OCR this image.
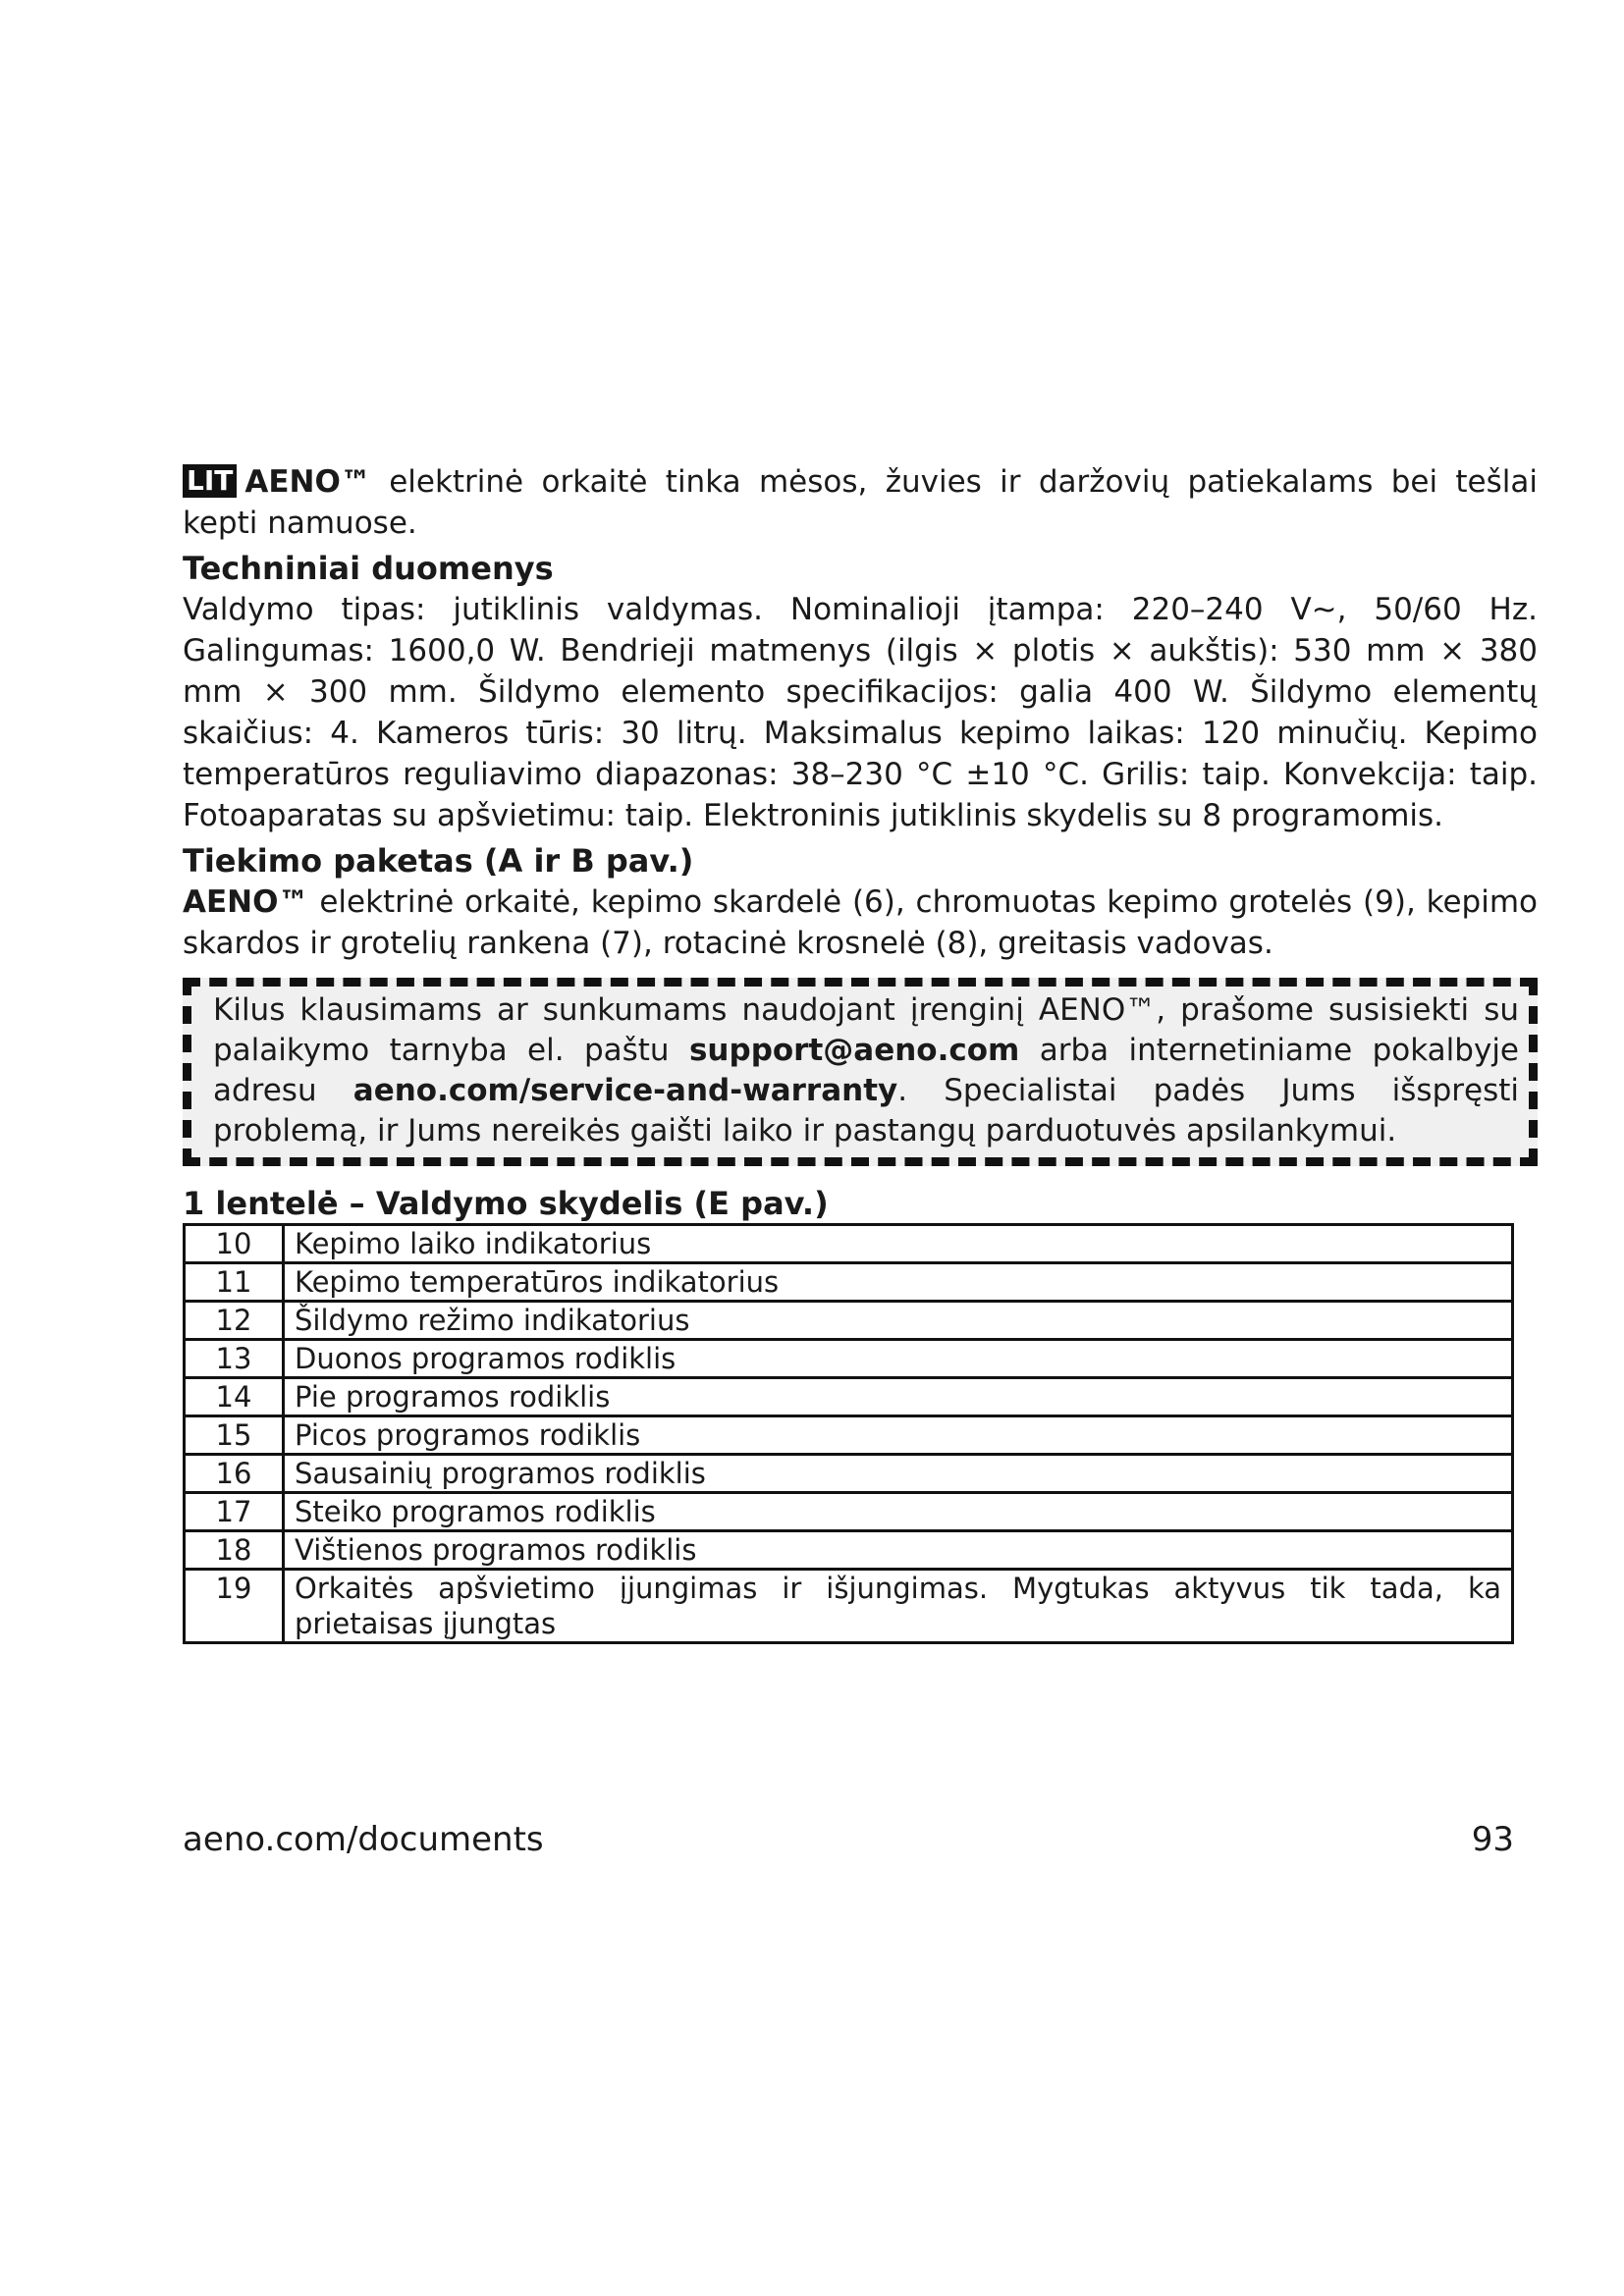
LIT AENO™ elektrinė orkaitė tinka mėsos, žuvies ir daržovių patiekalams bei tešlai kepti namuose.

Techniniai duomenys

Valdymo tipas: jutiklinis valdymas. Nominalioji įtampa: 220–240 V~, 50/60 Hz. Galingumas: 1600,0 W. Bendrieji matmenys (ilgis × plotis × aukštis): 530 mm × 380 mm × 300 mm. Šildymo elemento specifikacijos: galia 400 W. Šildymo elementų skaičius: 4. Kameros tūris: 30 litrų. Maksimalus kepimo laikas: 120 minučių. Kepimo temperatūros reguliavimo diapazonas: 38–230 °C ±10 °C. Grilis: taip. Konvekcija: taip. Fotoaparatas su apšvietimu: taip. Elektroninis jutiklinis skydelis su 8 programomis.

Tiekimo paketas (A ir B pav.)

AENO™ elektrinė orkaitė, kepimo skardelė (6), chromuotas kepimo grotelės (9), kepimo skardos ir grotelių rankena (7), rotacinė krosnelė (8), greitasis vadovas.

Kilus klausimams ar sunkumams naudojant įrenginį AENO™, prašome susisiekti su palaikymo tarnyba el. paštu support@aeno.com arba internetiniame pokalbyje adresu aeno.com/service-and-warranty. Specialistai padės Jums išspręsti problemą, ir Jums nereikės gaišti laiko ir pastangų parduotuvės apsilankymui.

1 lentelė – Valdymo skydelis (E pav.)
10	Kepimo laiko indikatorius
11	Kepimo temperatūros indikatorius
12	Šildymo režimo indikatorius
13	Duonos programos rodiklis
14	Pie programos rodiklis
15	Picos programos rodiklis
16	Sausainių programos rodiklis
17	Steiko programos rodiklis
18	Vištienos programos rodiklis
19	Orkaitės apšvietimo įjungimas ir išjungimas. Mygtukas aktyvus tik tada, ka prietaisas įjungtas
aeno.com/documents	93
